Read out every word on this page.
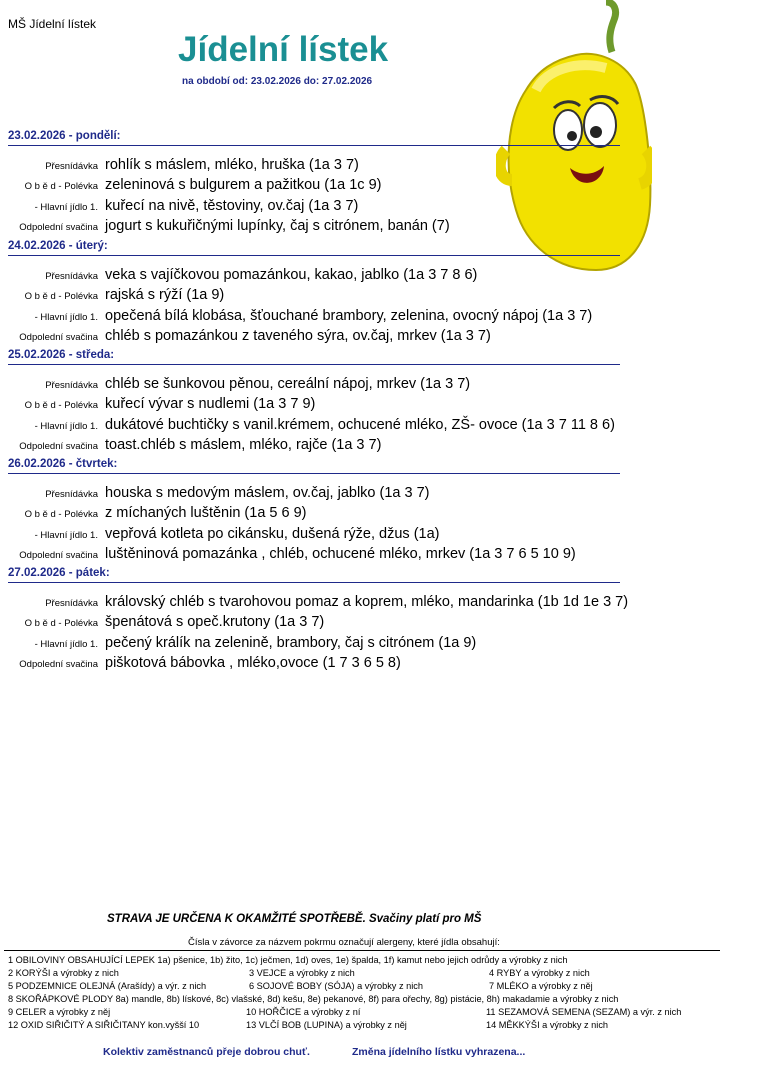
MŠ Jídelní lístek
Jídelní lístek
na období od: 23.02.2026 do: 27.02.2026
23.02.2026 - pondělí:
Přesnídávka rohlík s máslem, mléko, hruška (1a 3 7)
O b ě d - Polévka zeleninová s bulgurem a pažitkou (1a 1c 9)
- Hlavní jídlo 1. kuřecí na nivě, těstoviny, ov.čaj (1a 3 7)
Odpolední svačina jogurt s kukuřičnými lupínky, čaj s citrónem, banán (7)
24.02.2026 - úterý:
Přesnídávka veka s vajíčkovou pomazánkou, kakao, jablko (1a 3 7 8 6)
O b ě d - Polévka rajská s rýží (1a 9)
- Hlavní jídlo 1. opečená bílá klobása, šťouchané brambory, zelenina, ovocný nápoj (1a 3 7)
Odpolední svačina chléb s pomazánkou z taveného sýra, ov.čaj, mrkev (1a 3 7)
25.02.2026 - středa:
Přesnídávka chléb se šunkovou pěnou, cereální nápoj, mrkev (1a 3 7)
O b ě d - Polévka kuřecí vývar s nudlemi (1a 3 7 9)
- Hlavní jídlo 1. dukátové buchtičky s vanil.krémem, ochucené mléko, ZŠ- ovoce (1a 3 7 11 8 6)
Odpolední svačina toast.chléb s máslem, mléko, rajče (1a 3 7)
26.02.2026 - čtvrtek:
Přesnídávka houska s medovým máslem, ov.čaj, jablko (1a 3 7)
O b ě d - Polévka z míchaných luštěnin (1a 5 6 9)
- Hlavní jídlo 1. vepřová kotleta po cikánsku, dušená rýže, džus (1a)
Odpolední svačina luštěninová pomazánka , chléb, ochucené mléko, mrkev (1a 3 7 6 5 10 9)
27.02.2026 - pátek:
Přesnídávka královský chléb s tvarohovou pomaz a koprem, mléko, mandarinka (1b 1d 1e 3 7)
O b ě d - Polévka špenátová s opeč.krutony (1a 3 7)
- Hlavní jídlo 1. pečený králík na zelenině, brambory, čaj s citrónem (1a 9)
Odpolední svačina piškotová bábovka , mléko,ovoce (1 7 3 6 5 8)
STRAVA JE URČENA K OKAMŽITÉ SPOTŘEBĚ. Svačiny platí pro MŠ
Čísla v závorce za názvem pokrmu označují alergeny, které jídla obsahují:
1 OBILOVINY OBSAHUJÍCÍ LEPEK 1a) pšenice, 1b) žito, 1c) ječmen, 1d) oves, 1e) špalda, 1f) kamut nebo jejich odrůdy a výrobky z nich
2 KORÝŠI a výrobky z nich	3 VEJCE a výrobky z nich	4 RYBY a výrobky z nich
5 PODZEMNICE OLEJNÁ (Arašídy) a výr. z nich	6 SOJOVÉ BOBY (SÓJA) a výrobky z nich	7 MLÉKO a výrobky z něj
8 SKOŘÁPKOVÉ PLODY 8a) mandle, 8b) lískové, 8c) vlašské, 8d) kešu, 8e) pekanové, 8f) para ořechy, 8g) pistácie, 8h) makadamie a výrobky z nich
9 CELER a výrobky z něj	10 HOŘČICE a výrobky z ní	11 SEZAMOVÁ SEMENA (SEZAM) a výr. z nich
12 OXID SIŘIČITÝ A SIŘIČITANY kon.vyšší 10	13 VLČÍ BOB (LUPINA) a výrobky z něj	14 MĚKKÝŠI a výrobky z nich
Kolektiv zaměstnanců přeje dobrou chuť.	Změna jídelního lístku vyhrazena...
